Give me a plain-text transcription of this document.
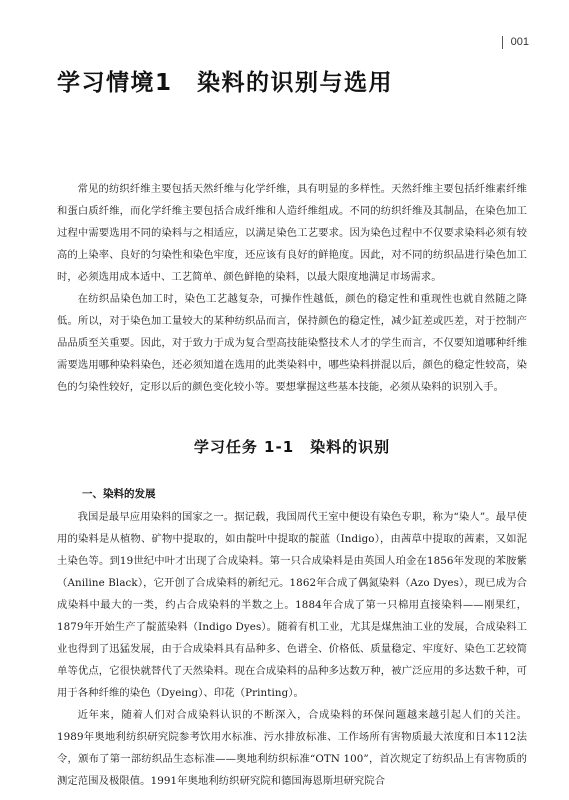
001
学习情境1　染料的识别与选用

常见的纺织纤维主要包括天然纤维与化学纤维，具有明显的多样性。天然纤维主要包括纤维素纤维和蛋白质纤维，而化学纤维主要包括合成纤维和人造纤维组成。不同的纺织纤维及其制品，在染色加工过程中需要选用不同的染料与之相适应，以满足染色工艺要求。因为染色过程中不仅要求染料必须有较高的上染率、良好的匀染性和染色牢度，还应该有良好的鲜艳度。因此，对不同的纺织品进行染色加工时，必须选用成本适中、工艺简单、颜色鲜艳的染料，以最大限度地满足市场需求。

在纺织品染色加工时，染色工艺越复杂，可操作性越低，颜色的稳定性和重现性也就自然随之降低。所以，对于染色加工量较大的某种纺织品而言，保持颜色的稳定性，减少缸差或匹差，对于控制产品品质至关重要。因此，对于致力于成为复合型高技能染整技术人才的学生而言，不仅要知道哪种纤维需要选用哪种染料染色，还必须知道在选用的此类染料中，哪些染料拼混以后，颜色的稳定性较高，染色的匀染性较好，定形以后的颜色变化较小等。要想掌握这些基本技能，必须从染料的识别入手。

学习任务 1-1　染料的识别
一、染料的发展

我国是最早应用染料的国家之一。据记载，我国周代王室中便设有染色专职，称为“染人”。最早使用的染料是从植物、矿物中提取的，如由靛叶中提取的靛蓝（Indigo），由茜草中提取的茜素，又如泥土染色等。到19世纪中叶才出现了合成染料。第一只合成染料是由英国人珀金在1856年发现的苯胺紫（Aniline Black），它开创了合成染料的新纪元。1862年合成了偶氮染料（Azo Dyes），现已成为合成染料中最大的一类，约占合成染料的半数之上。1884年合成了第一只棉用直接染料——刚果红，1879年开始生产了靛蓝染料（Indigo Dyes）。随着有机工业，尤其是煤焦油工业的发展，合成染料工业也得到了迅猛发展，由于合成染料具有品种多、色谱全、价格低、质量稳定、牢度好、染色工艺较简单等优点，它很快就替代了天然染料。现在合成染料的品种多达数万种，被广泛应用的多达数千种，可用于各种纤维的染色（Dyeing）、印花（Printing）。

近年来，随着人们对合成染料认识的不断深入，合成染料的环保问题越来越引起人们的关注。1989年奥地利纺织研究院参考饮用水标准、污水排放标准、工作场所有害物质最大浓度和日本112法令，颁布了第一部纺织品生态标准——奥地利纺织标准“OTN 100”，首次规定了纺织品上有害物质的测定范围及极限值。1991年奥地利纺织研究院和德国海恩斯坦研究院合
